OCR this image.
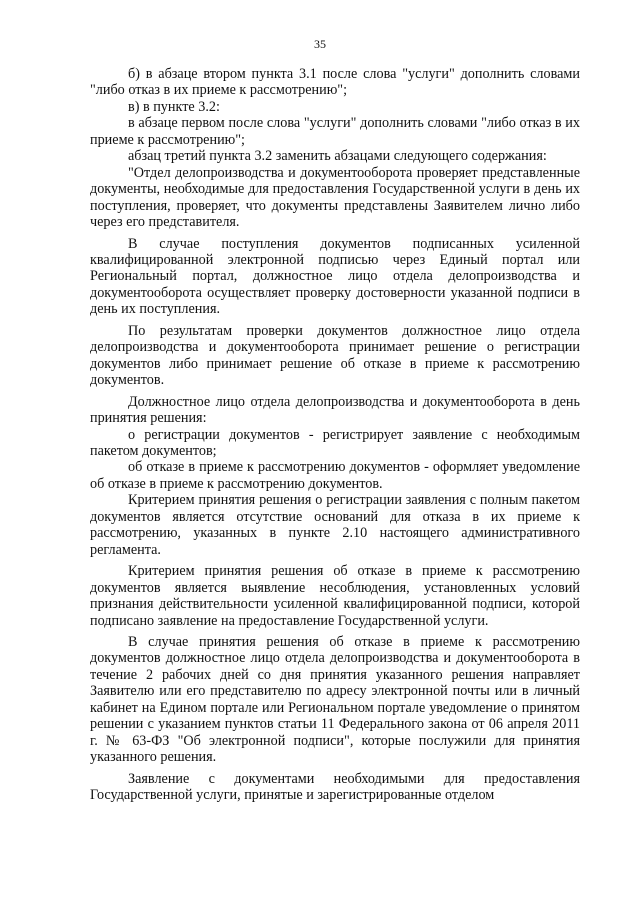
35

б) в абзаце втором пункта 3.1 после слова "услуги" дополнить словами "либо отказ в их приеме к рассмотрению";

в) в пункте 3.2:

в абзаце первом после слова "услуги" дополнить словами "либо отказ в их приеме к рассмотрению";

абзац третий пункта 3.2 заменить абзацами следующего содержания:

"Отдел делопроизводства и документооборота проверяет представленные документы, необходимые для предоставления Государственной услуги в день их поступления, проверяет, что документы представлены Заявителем лично либо через его представителя.

В случае поступления документов подписанных усиленной квалифицированной электронной подписью через Единый портал или Региональный портал, должностное лицо отдела делопроизводства и документооборота осуществляет проверку достоверности указанной подписи в день их поступления.

По результатам проверки документов должностное лицо отдела делопроизводства и документооборота принимает решение о регистрации документов либо принимает решение об отказе в приеме к рассмотрению документов.

Должностное лицо отдела делопроизводства и документооборота в день принятия решения:

о регистрации документов - регистрирует заявление с необходимым пакетом документов;

об отказе в приеме к рассмотрению документов - оформляет уведомление об отказе в приеме к рассмотрению документов.

Критерием принятия решения о регистрации заявления с полным пакетом документов является отсутствие оснований для отказа в их приеме к рассмотрению, указанных в пункте 2.10 настоящего административного регламента.

Критерием принятия решения об отказе в приеме к рассмотрению документов является выявление несоблюдения, установленных условий признания действительности усиленной квалифицированной подписи, которой подписано заявление на предоставление Государственной услуги.

В случае принятия решения об отказе в приеме к рассмотрению документов должностное лицо отдела делопроизводства и документооборота в течение 2 рабочих дней со дня принятия указанного решения направляет Заявителю или его представителю по адресу электронной почты или в личный кабинет на Едином портале или Региональном портале уведомление о принятом решении с указанием пунктов статьи 11 Федерального закона от 06 апреля 2011 г. № 63-ФЗ "Об электронной подписи", которые послужили для принятия указанного решения.

Заявление с документами необходимыми для предоставления Государственной услуги, принятые и зарегистрированные отделом
